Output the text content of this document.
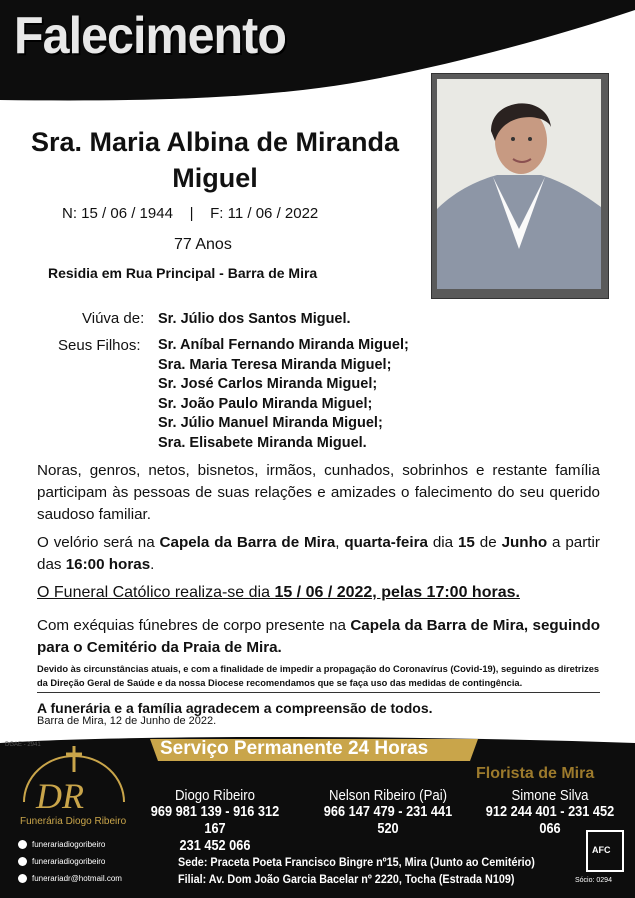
Falecimento
Sra. Maria Albina de Miranda
Miguel
N: 15 / 06 / 1944    |    F: 11 / 06 / 2022
77 Anos
Residia em Rua Principal - Barra de Mira
Viúva de: Sr. Júlio dos Santos Miguel.
Seus Filhos: Sr. Aníbal Fernando Miranda Miguel;
Sra. Maria Teresa Miranda Miguel;
Sr. José Carlos Miranda Miguel;
Sr. João Paulo Miranda Miguel;
Sr. Júlio Manuel Miranda Miguel;
Sra. Elisabete Miranda Miguel.
Noras, genros, netos, bisnetos, irmãos, cunhados, sobrinhos e restante família participam às pessoas de suas relações e amizades o falecimento do seu querido saudoso familiar.
O velório será na Capela da Barra de Mira, quarta-feira dia 15 de Junho a partir das 16:00 horas.
O Funeral Católico realiza-se dia 15 / 06 / 2022, pelas 17:00 horas.
Com exéquias fúnebres de corpo presente na Capela da Barra de Mira, seguindo para o Cemitério da Praia de Mira.
Devido às circunstâncias atuais, e com a finalidade de impedir a propagação do Coronavírus (Covid-19), seguindo as diretrizes da Direção Geral de Saúde e da nossa Diocese recomendamos que se faça uso das medidas de contingência.
A funerária e a família agradecem a compreensão de todos.
Barra de Mira, 12 de Junho de 2022.
DGAE - 2941	Serviço Permanente 24 Horas
DR
Funerária Diogo Ribeiro
funerariadiogoribeiro
funerariadiogoribeiro
funerariadr@hotmail.com
Florista de Mira
Diogo Ribeiro
969 981 139 - 916 312 167
231 452 066
Nelson Ribeiro (Pai)
966 147 479 - 231 441 520
Simone Silva
912 244 401 - 231 452 066
Sede: Praceta Poeta Francisco Bingre nº15, Mira (Junto ao Cemitério)
Filial: Av. Dom João Garcia Bacelar nº 2220, Tocha (Estrada N109)
AFC
Sócio: 0294
